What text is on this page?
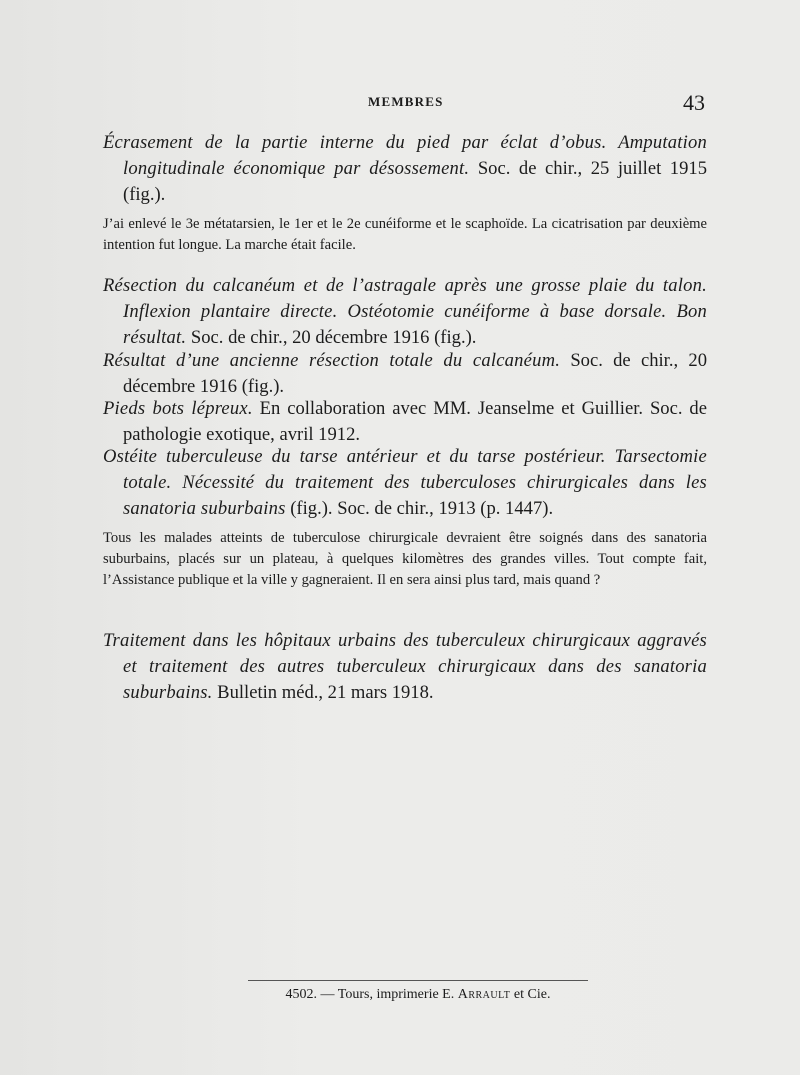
MEMBRES	43

Écrasement de la partie interne du pied par éclat d’obus. Amputation longitudinale économique par désossement. Soc. de chir., 25 juillet 1915 (fig.).

J’ai enlevé le 3e métatarsien, le 1er et le 2e cunéiforme et le scaphoïde. La cicatrisation par deuxième intention fut longue. La marche était facile.

Résection du calcanéum et de l’astragale après une grosse plaie du talon. Inflexion plantaire directe. Ostéotomie cunéiforme à base dorsale. Bon résultat. Soc. de chir., 20 décembre 1916 (fig.).

Résultat d’une ancienne résection totale du calcanéum. Soc. de chir., 20 décembre 1916 (fig.).

Pieds bots lépreux. En collaboration avec MM. Jeanselme et Guillier. Soc. de pathologie exotique, avril 1912.

Ostéite tuberculeuse du tarse antérieur et du tarse postérieur. Tarsectomie totale. Nécessité du traitement des tuberculoses chirurgicales dans les sanatoria suburbains (fig.). Soc. de chir., 1913 (p. 1447).

Tous les malades atteints de tuberculose chirurgicale devraient être soignés dans des sanatoria suburbains, placés sur un plateau, à quelques kilomètres des grandes villes. Tout compte fait, l’Assistance publique et la ville y gagneraient. Il en sera ainsi plus tard, mais quand ?

Traitement dans les hôpitaux urbains des tuberculeux chirurgicaux aggravés et traitement des autres tuberculeux chirurgicaux dans des sanatoria suburbains. Bulletin méd., 21 mars 1918.

4502. — Tours, imprimerie E. Arrault et Cie.
